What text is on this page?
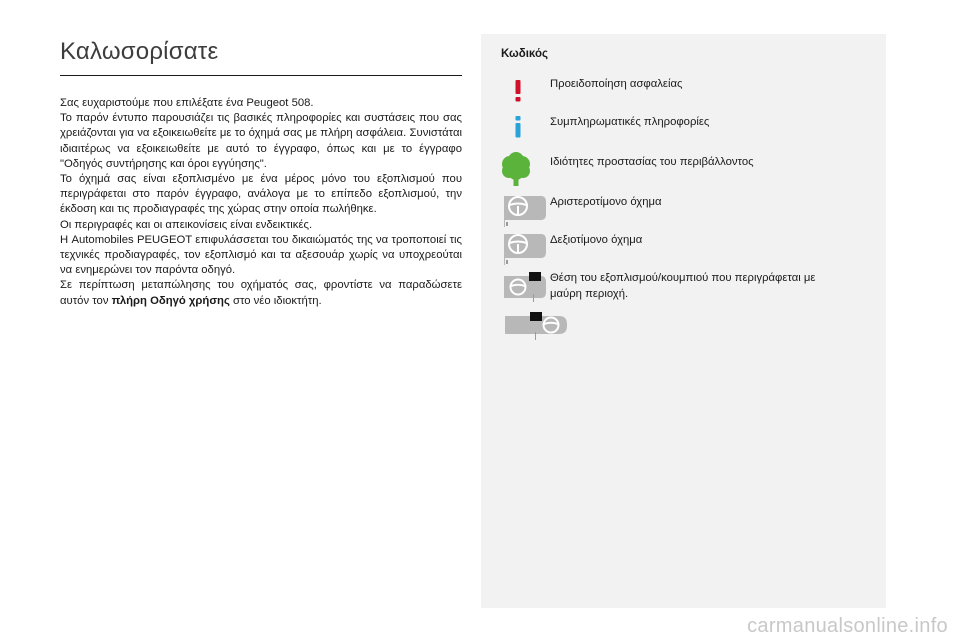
Καλωσορίσατε

Σας ευχαριστούμε που επιλέξατε ένα Peugeot 508.

Το παρόν έντυπο παρουσιάζει τις βασικές πληροφορίες και συστάσεις που σας χρειάζονται για να εξοικειωθείτε με το όχημά σας με πλήρη ασφάλεια. Συνιστάται ιδιαιτέρως να εξοικειωθείτε με αυτό το έγγραφο, όπως και με το έγγραφο "Οδηγός συντήρησης και όροι εγγύησης".

Το όχημά σας είναι εξοπλισμένο με ένα μέρος μόνο του εξοπλισμού που περιγράφεται στο παρόν έγγραφο, ανάλογα με το επίπεδο εξοπλισμού, την έκδοση και τις προδιαγραφές της χώρας στην οποία πωλήθηκε.

Οι περιγραφές και οι απεικονίσεις είναι ενδεικτικές.

Η Automobiles PEUGEOT επιφυλάσσεται του δικαιώματός της να τροποποιεί τις τεχνικές προδιαγραφές, τον εξοπλισμό και τα αξεσουάρ χωρίς να υποχρεούται να ενημερώνει τον παρόντα οδηγό.

Σε περίπτωση μεταπώλησης του οχήματός σας, φροντίστε να παραδώσετε αυτόν τον πλήρη Οδηγό χρήσης στο νέο ιδιοκτήτη.

Κωδικός
Προειδοποίηση ασφαλείας
Συμπληρωματικές πληροφορίες
Ιδιότητες προστασίας του περιβάλλοντος
Αριστεροτίμονο όχημα
Δεξιοτίμονο όχημα
Θέση του εξοπλισμού/κουμπιού που περιγράφεται με μαύρη περιοχή.
carmanualsonline.info
